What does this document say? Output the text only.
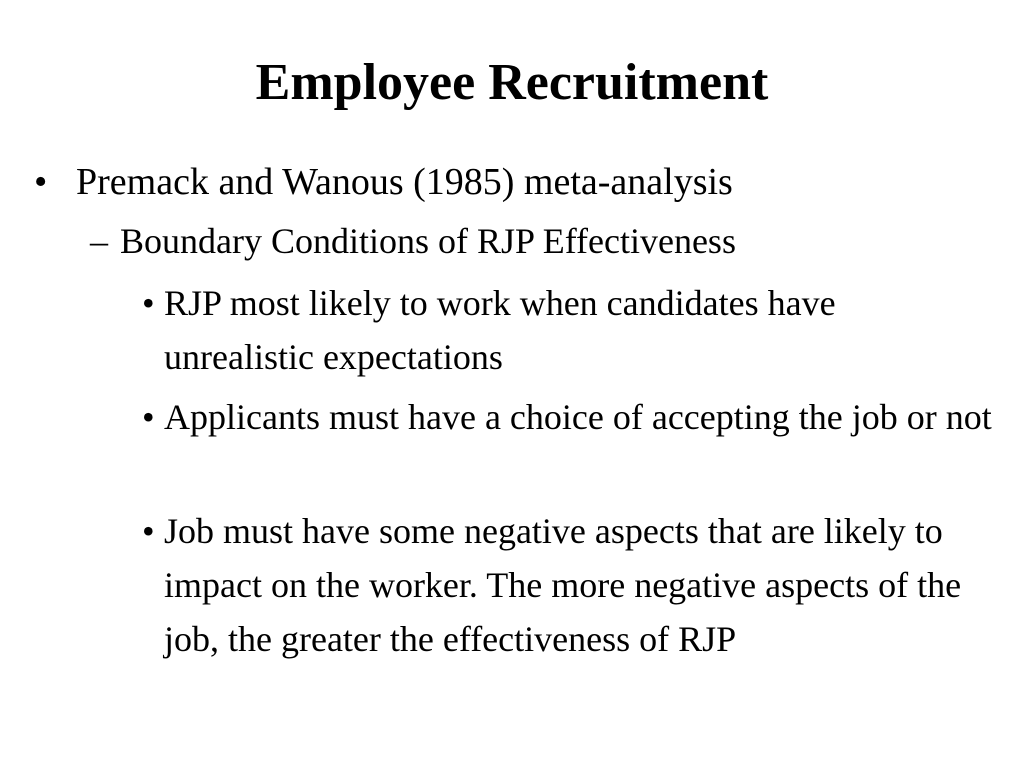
Employee Recruitment
• Premack and Wanous (1985) meta-analysis
– Boundary Conditions of RJP Effectiveness
• RJP most likely to work when candidates have unrealistic expectations
• Applicants must have a choice of accepting the job or not
• Job must have some negative aspects that are likely to impact on the worker. The more negative aspects of the job, the greater the effectiveness of RJP
